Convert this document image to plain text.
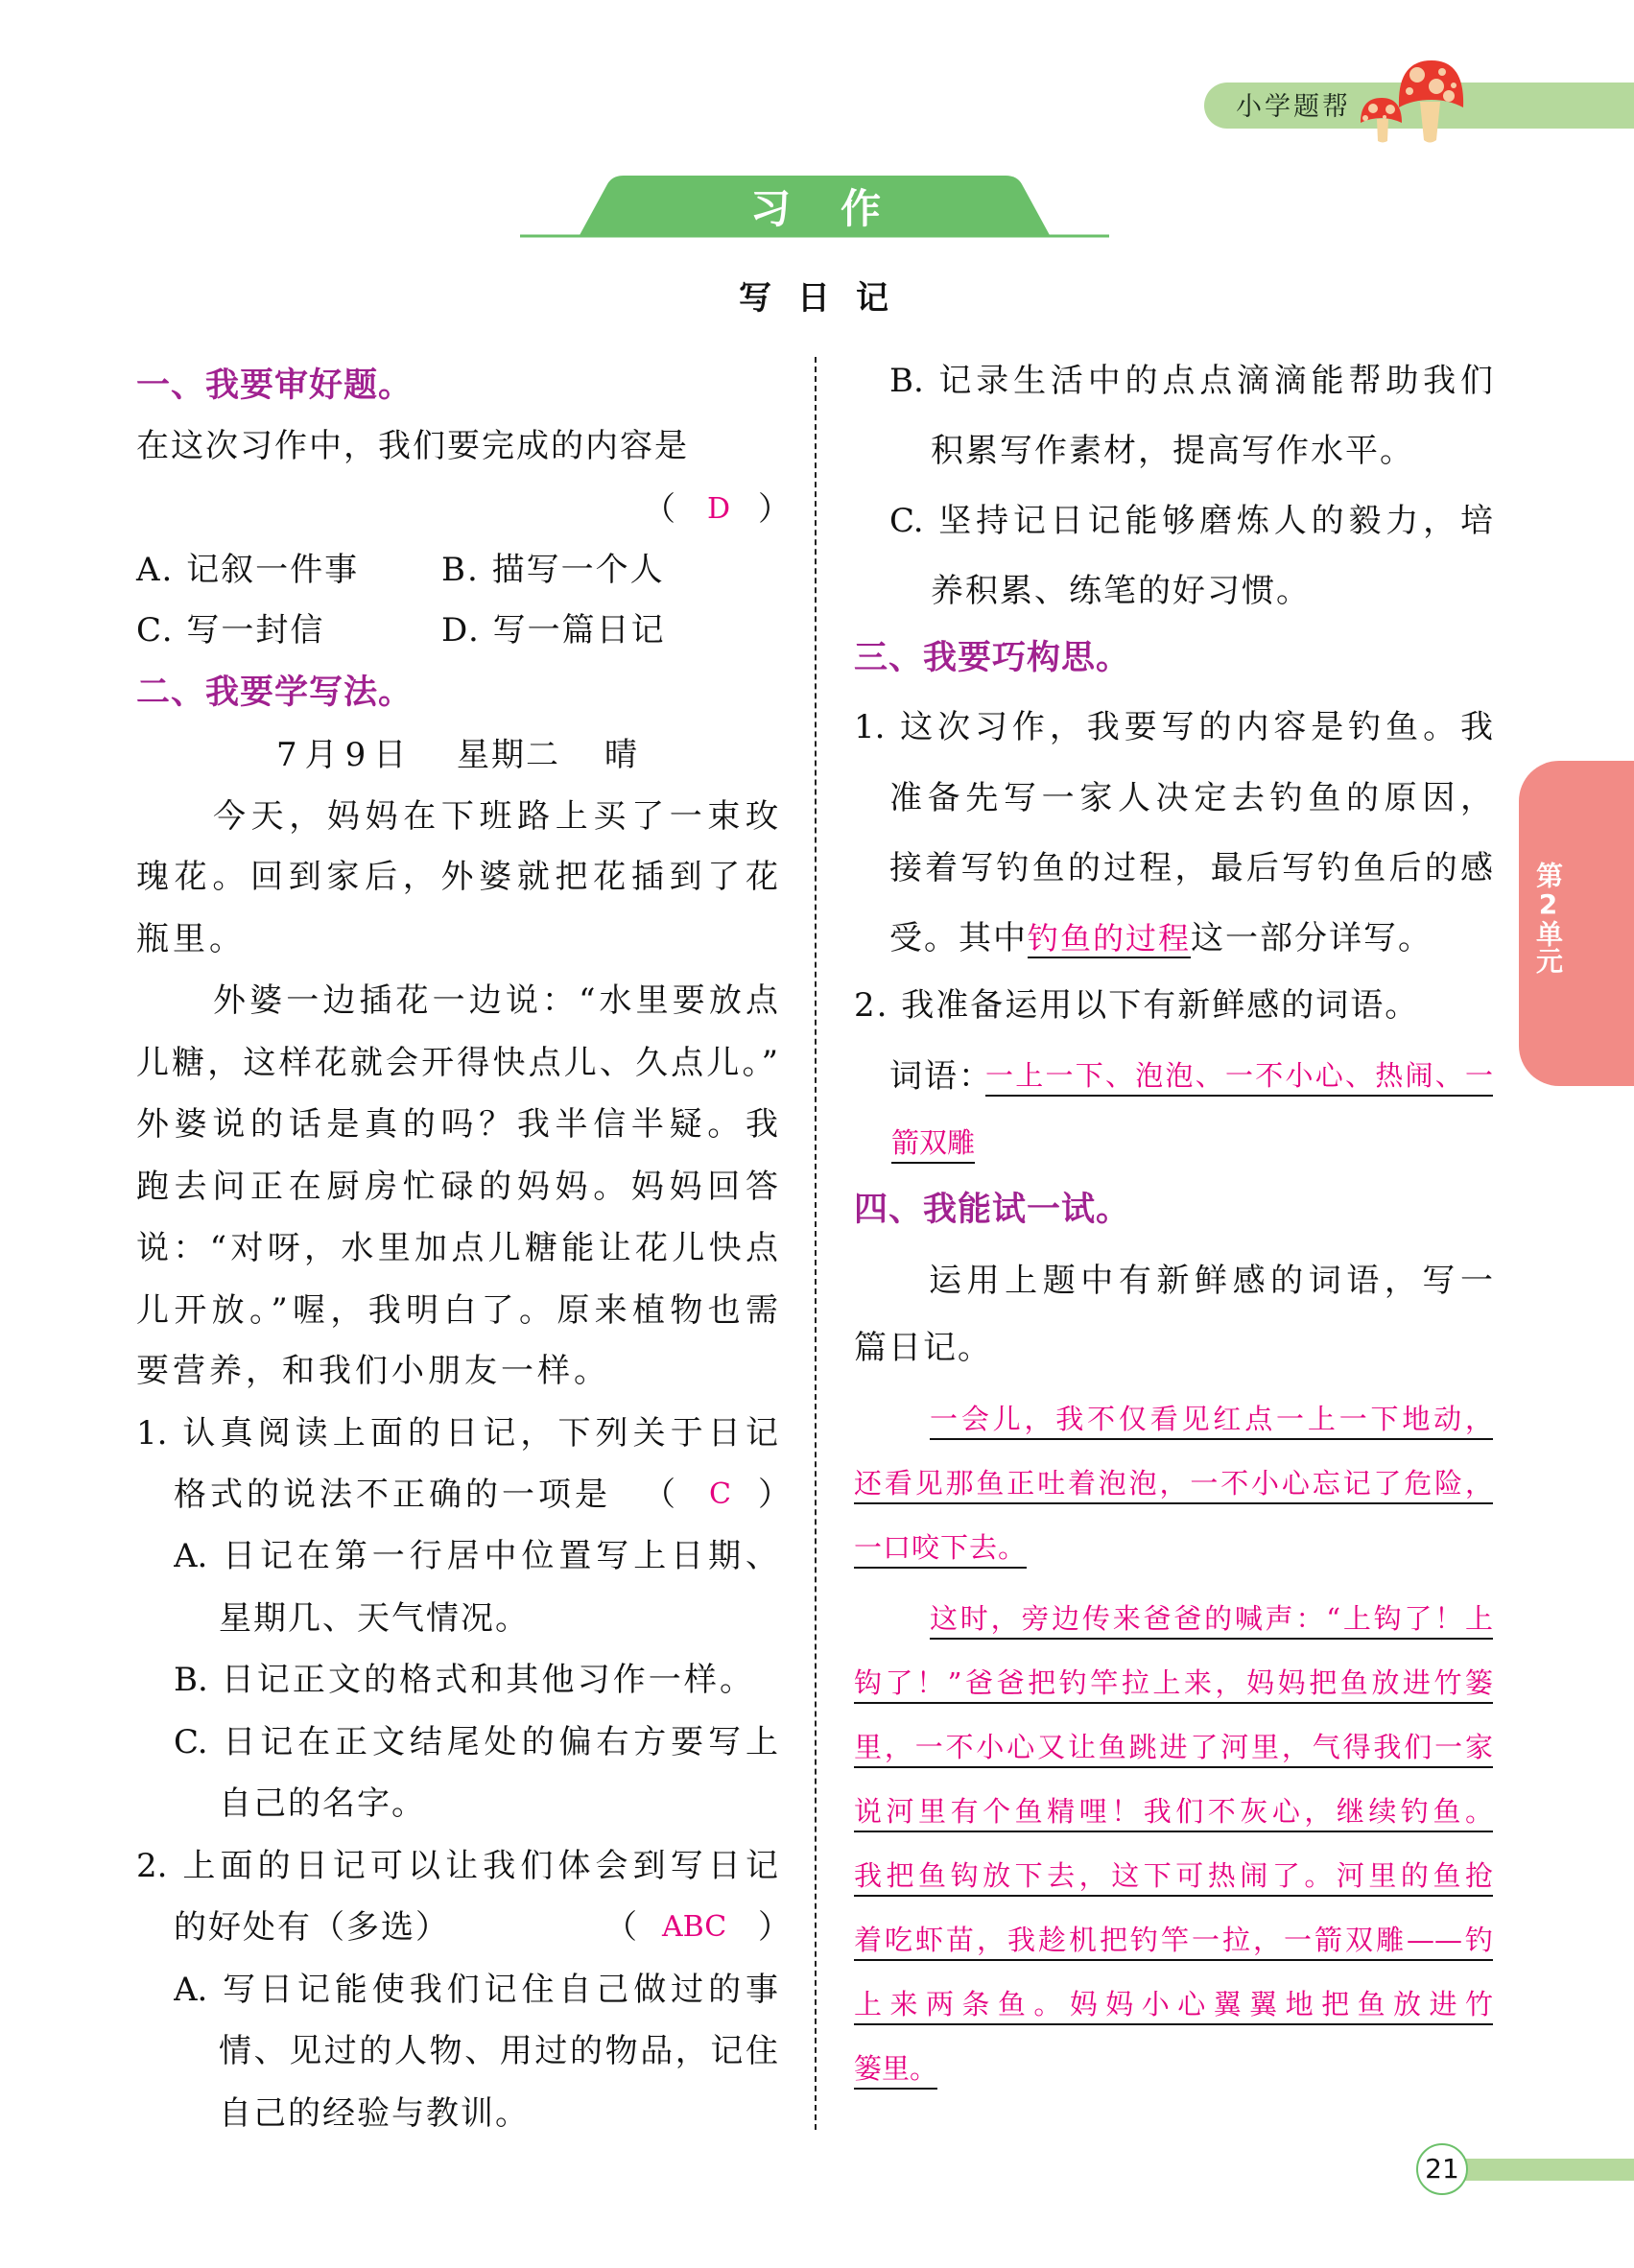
小学题帮
习作
写日记
一、我要审好题。
在这次习作中，我们要完成的内容是
（ D ）
A. 记叙一件事	B. 描写一个人
C. 写一封信	D. 写一篇日记
二、我要学写法。
7月9日 星期二 晴
今天，妈妈在下班路上买了一束玫
瑰花。回到家后，外婆就把花插到了花
瓶里。
外婆一边插花一边说：“水里要放点
儿糖，这样花就会开得快点儿、久点儿。”
外婆说的话是真的吗？我半信半疑。我
跑去问正在厨房忙碌的妈妈。妈妈回答
说：“对呀，水里加点儿糖能让花儿快点
儿开放。”喔，我明白了。原来植物也需
要营养，和我们小朋友一样。
1. 认真阅读上面的日记，下列关于日记
格式的说法不正确的一项是 （ C ）
A. 日记在第一行居中位置写上日期、
星期几、天气情况。
B. 日记正文的格式和其他习作一样。
C. 日记在正文结尾处的偏右方要写上
自己的名字。
2. 上面的日记可以让我们体会到写日记
的好处有（多选）	（ ABC ）
A. 写日记能使我们记住自己做过的事
情、见过的人物、用过的物品，记住
自己的经验与教训。
B. 记录生活中的点点滴滴能帮助我们
积累写作素材，提高写作水平。
C. 坚持记日记能够磨炼人的毅力，培
养积累、练笔的好习惯。
三、我要巧构思。
1. 这次习作，我要写的内容是钓鱼。我
准备先写一家人决定去钓鱼的原因，
接着写钓鱼的过程，最后写钓鱼后的感
受。其中钓鱼的过程这一部分详写。
2. 我准备运用以下有新鲜感的词语。
词语：
一上一下、泡泡、一不小心、热闹、一
箭双雕
四、我能试一试。
运用上题中有新鲜感的词语，写一
篇日记。
一会儿，我不仅看见红点一上一下地动，
还看见那鱼正吐着泡泡，一不小心忘记了危险，
一口咬下去。
这时，旁边传来爸爸的喊声：“上钩了！上
钩了！”爸爸把钓竿拉上来，妈妈把鱼放进竹篓
里，一不小心又让鱼跳进了河里，气得我们一家
说河里有个鱼精哩！我们不灰心，继续钓鱼。
我把鱼钩放下去，这下可热闹了。河里的鱼抢
着吃虾苗，我趁机把钓竿一拉，一箭双雕——钓
上来两条鱼。妈妈小心翼翼地把鱼放进竹
篓里。
第2单元
21
